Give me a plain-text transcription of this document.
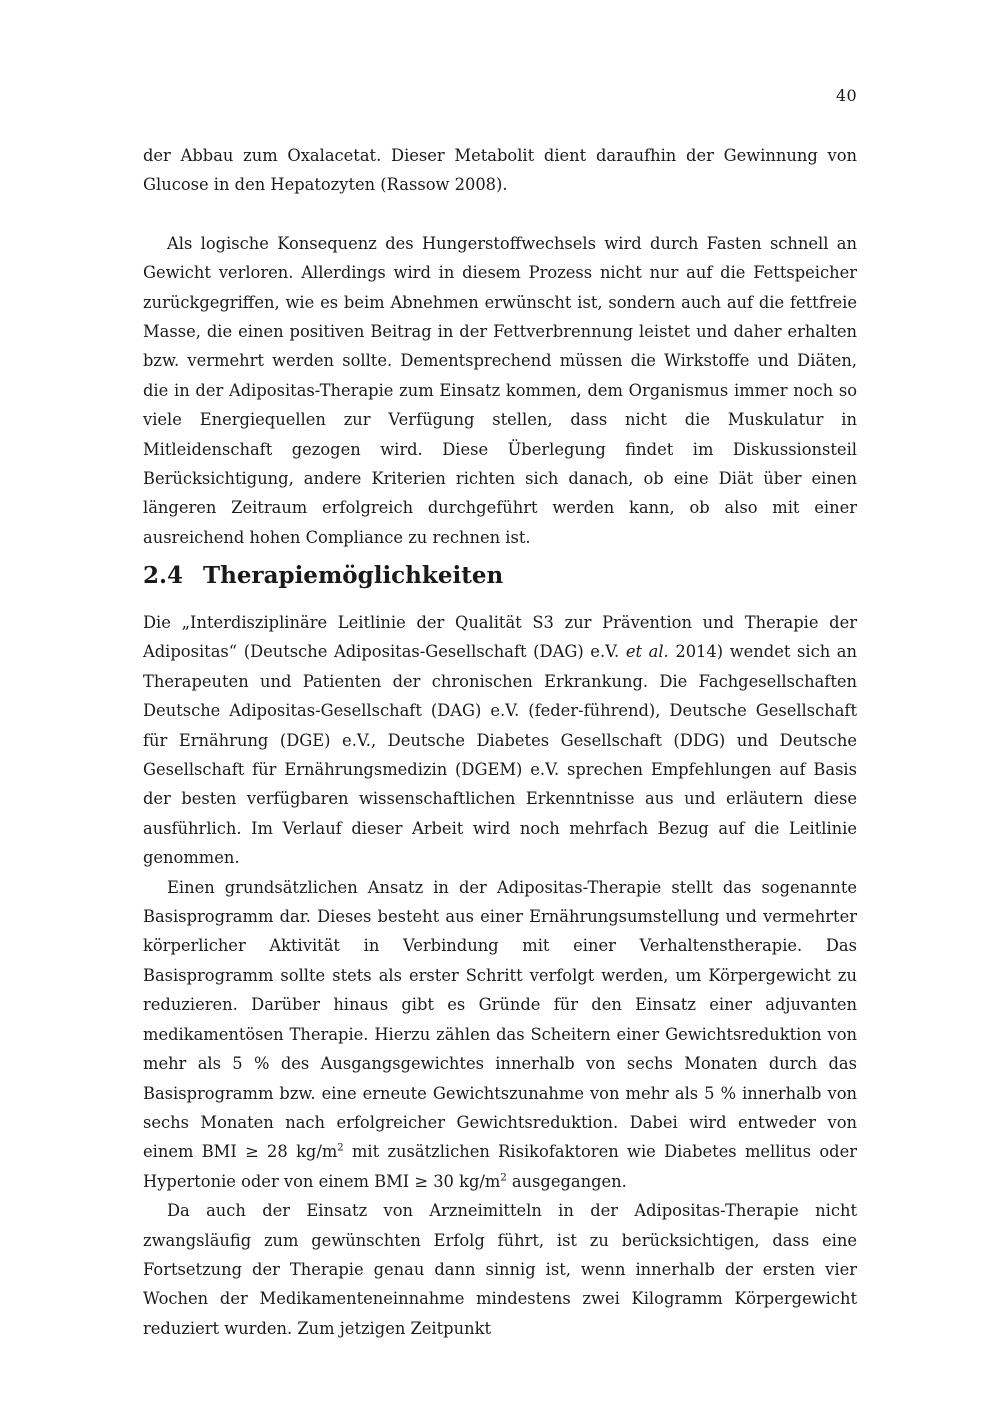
40

der Abbau zum Oxalacetat. Dieser Metabolit dient daraufhin der Gewinnung von Glucose in den Hepatozyten (Rassow 2008).

Als logische Konsequenz des Hungerstoffwechsels wird durch Fasten schnell an Gewicht verloren. Allerdings wird in diesem Prozess nicht nur auf die Fettspeicher zurückgegriffen, wie es beim Abnehmen erwünscht ist, sondern auch auf die fettfreie Masse, die einen positiven Beitrag in der Fettverbrennung leistet und daher erhalten bzw. vermehrt werden sollte. Dementsprechend müssen die Wirkstoffe und Diäten, die in der Adipositas-Therapie zum Einsatz kommen, dem Organismus immer noch so viele Energiequellen zur Verfügung stellen, dass nicht die Muskulatur in Mitleidenschaft gezogen wird. Diese Überlegung findet im Diskussionsteil Berücksichtigung, andere Kriterien richten sich danach, ob eine Diät über einen längeren Zeitraum erfolgreich durchgeführt werden kann, ob also mit einer ausreichend hohen Compliance zu rechnen ist.

2.4 Therapiemöglichkeiten

Die „Interdisziplinäre Leitlinie der Qualität S3 zur Prävention und Therapie der Adipositas“ (Deutsche Adipositas-Gesellschaft (DAG) e.V. et al. 2014) wendet sich an Therapeuten und Patienten der chronischen Erkrankung. Die Fachgesellschaften Deutsche Adipositas-Gesellschaft (DAG) e.V. (feder-führend), Deutsche Gesellschaft für Ernährung (DGE) e.V., Deutsche Diabetes Gesellschaft (DDG) und Deutsche Gesellschaft für Ernährungsmedizin (DGEM) e.V. sprechen Empfehlungen auf Basis der besten verfügbaren wissenschaftlichen Erkenntnisse aus und erläutern diese ausführlich. Im Verlauf dieser Arbeit wird noch mehrfach Bezug auf die Leitlinie genommen.

Einen grundsätzlichen Ansatz in der Adipositas-Therapie stellt das sogenannte Basisprogramm dar. Dieses besteht aus einer Ernährungsumstellung und vermehrter körperlicher Aktivität in Verbindung mit einer Verhaltenstherapie. Das Basisprogramm sollte stets als erster Schritt verfolgt werden, um Körpergewicht zu reduzieren. Darüber hinaus gibt es Gründe für den Einsatz einer adjuvanten medikamentösen Therapie. Hierzu zählen das Scheitern einer Gewichtsreduktion von mehr als 5 % des Ausgangsgewichtes innerhalb von sechs Monaten durch das Basisprogramm bzw. eine erneute Gewichtszunahme von mehr als 5 % innerhalb von sechs Monaten nach erfolgreicher Gewichtsreduktion. Dabei wird entweder von einem BMI ≥ 28 $kg/m^2$ mit zusätzlichen Risikofaktoren wie Diabetes mellitus oder Hypertonie oder von einem BMI ≥ 30 $kg/m^2$ ausgegangen.

Da auch der Einsatz von Arzneimitteln in der Adipositas-Therapie nicht zwangsläufig zum gewünschten Erfolg führt, ist zu berücksichtigen, dass eine Fortsetzung der Therapie genau dann sinnig ist, wenn innerhalb der ersten vier Wochen der Medikamenteneinnahme mindestens zwei Kilogramm Körpergewicht reduziert wurden. Zum jetzigen Zeitpunkt
